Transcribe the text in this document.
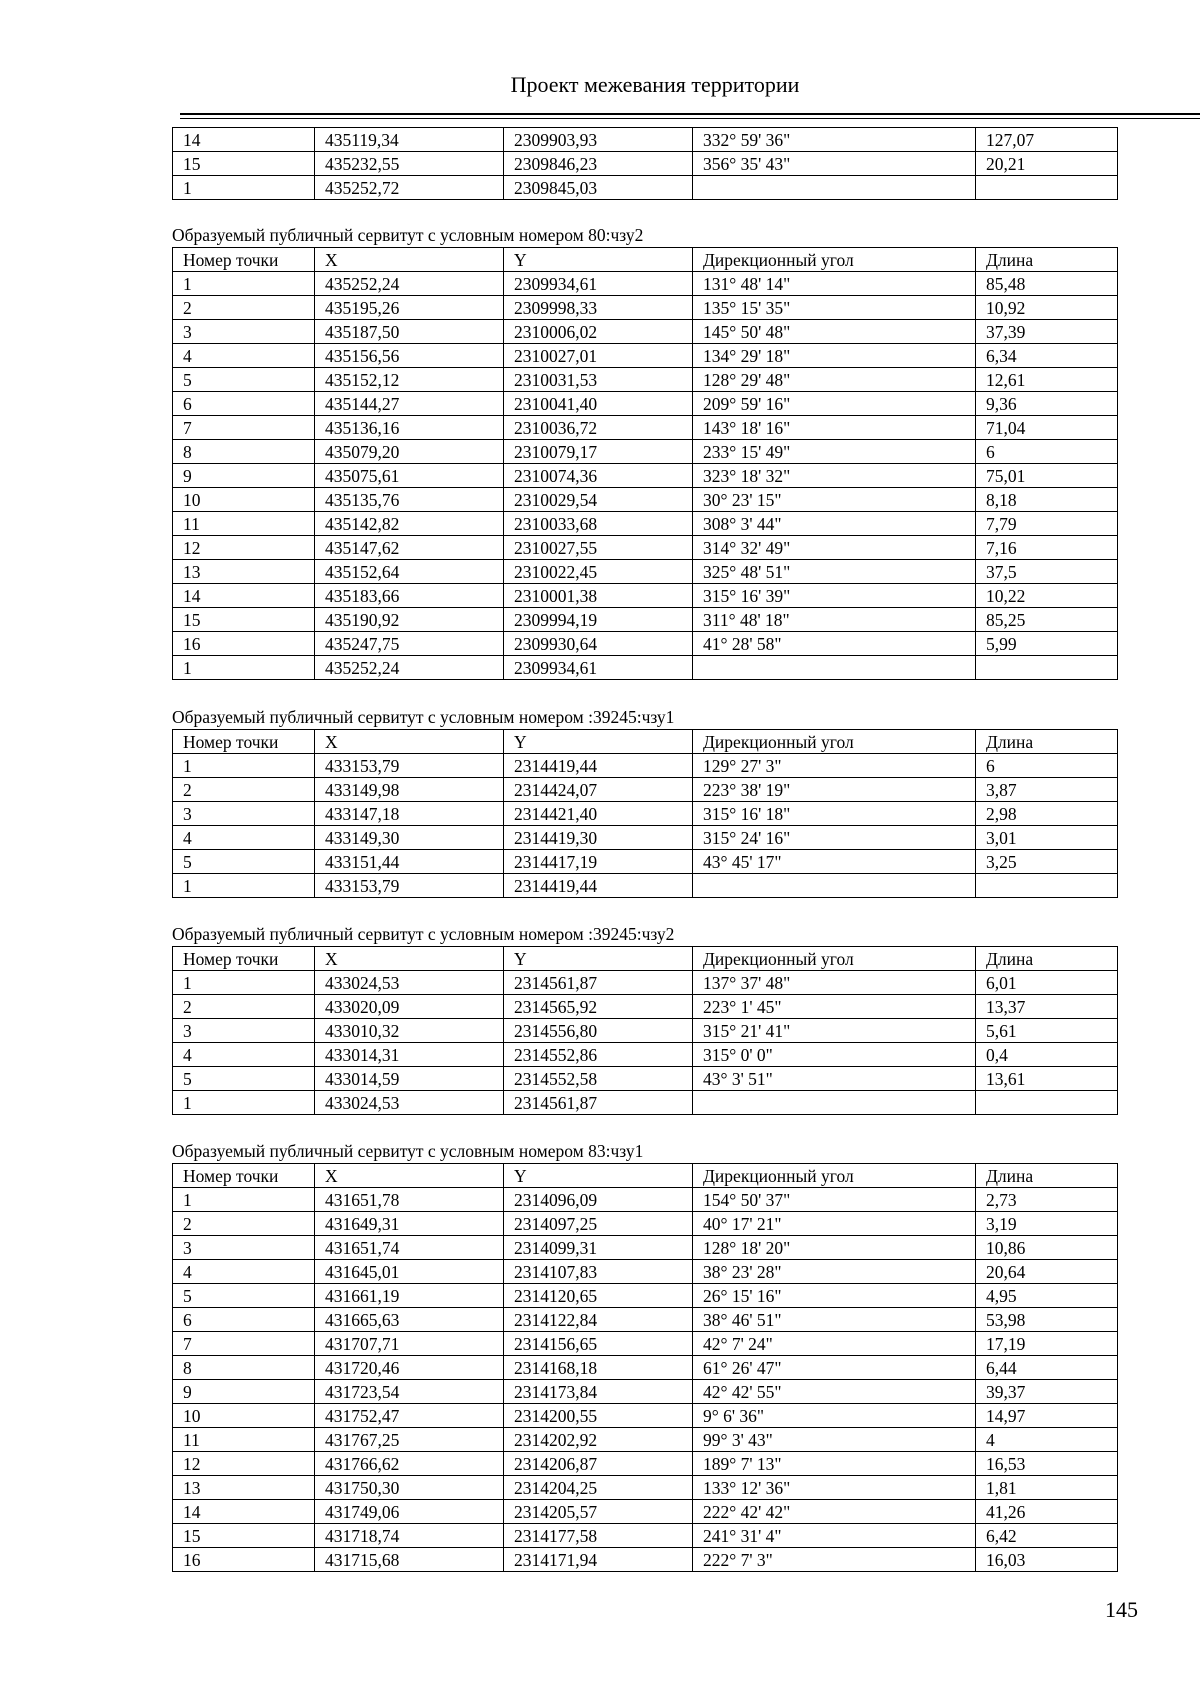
Проект межевания территории
14	435119,34	2309903,93	332° 59' 36"	127,07
15	435232,55	2309846,23	356° 35' 43"	20,21
1	435252,72	2309845,03		
Образуемый публичный сервитут с условным номером 80:чзу2
Номер точки	X	Y	Дирекционный угол	Длина
1	435252,24	2309934,61	131° 48' 14"	85,48
2	435195,26	2309998,33	135° 15' 35"	10,92
3	435187,50	2310006,02	145° 50' 48"	37,39
4	435156,56	2310027,01	134° 29' 18"	6,34
5	435152,12	2310031,53	128° 29' 48"	12,61
6	435144,27	2310041,40	209° 59' 16"	9,36
7	435136,16	2310036,72	143° 18' 16"	71,04
8	435079,20	2310079,17	233° 15' 49"	6
9	435075,61	2310074,36	323° 18' 32"	75,01
10	435135,76	2310029,54	30° 23' 15"	8,18
11	435142,82	2310033,68	308° 3' 44"	7,79
12	435147,62	2310027,55	314° 32' 49"	7,16
13	435152,64	2310022,45	325° 48' 51"	37,5
14	435183,66	2310001,38	315° 16' 39"	10,22
15	435190,92	2309994,19	311° 48' 18"	85,25
16	435247,75	2309930,64	41° 28' 58"	5,99
1	435252,24	2309934,61		
Образуемый публичный сервитут с условным номером :39245:чзу1
Номер точки	X	Y	Дирекционный угол	Длина
1	433153,79	2314419,44	129° 27' 3"	6
2	433149,98	2314424,07	223° 38' 19"	3,87
3	433147,18	2314421,40	315° 16' 18"	2,98
4	433149,30	2314419,30	315° 24' 16"	3,01
5	433151,44	2314417,19	43° 45' 17"	3,25
1	433153,79	2314419,44		
Образуемый публичный сервитут с условным номером :39245:чзу2
Номер точки	X	Y	Дирекционный угол	Длина
1	433024,53	2314561,87	137° 37' 48"	6,01
2	433020,09	2314565,92	223° 1' 45"	13,37
3	433010,32	2314556,80	315° 21' 41"	5,61
4	433014,31	2314552,86	315° 0' 0"	0,4
5	433014,59	2314552,58	43° 3' 51"	13,61
1	433024,53	2314561,87		
Образуемый публичный сервитут с условным номером 83:чзу1
Номер точки	X	Y	Дирекционный угол	Длина
1	431651,78	2314096,09	154° 50' 37"	2,73
2	431649,31	2314097,25	40° 17' 21"	3,19
3	431651,74	2314099,31	128° 18' 20"	10,86
4	431645,01	2314107,83	38° 23' 28"	20,64
5	431661,19	2314120,65	26° 15' 16"	4,95
6	431665,63	2314122,84	38° 46' 51"	53,98
7	431707,71	2314156,65	42° 7' 24"	17,19
8	431720,46	2314168,18	61° 26' 47"	6,44
9	431723,54	2314173,84	42° 42' 55"	39,37
10	431752,47	2314200,55	9° 6' 36"	14,97
11	431767,25	2314202,92	99° 3' 43"	4
12	431766,62	2314206,87	189° 7' 13"	16,53
13	431750,30	2314204,25	133° 12' 36"	1,81
14	431749,06	2314205,57	222° 42' 42"	41,26
15	431718,74	2314177,58	241° 31' 4"	6,42
16	431715,68	2314171,94	222° 7' 3"	16,03
145
